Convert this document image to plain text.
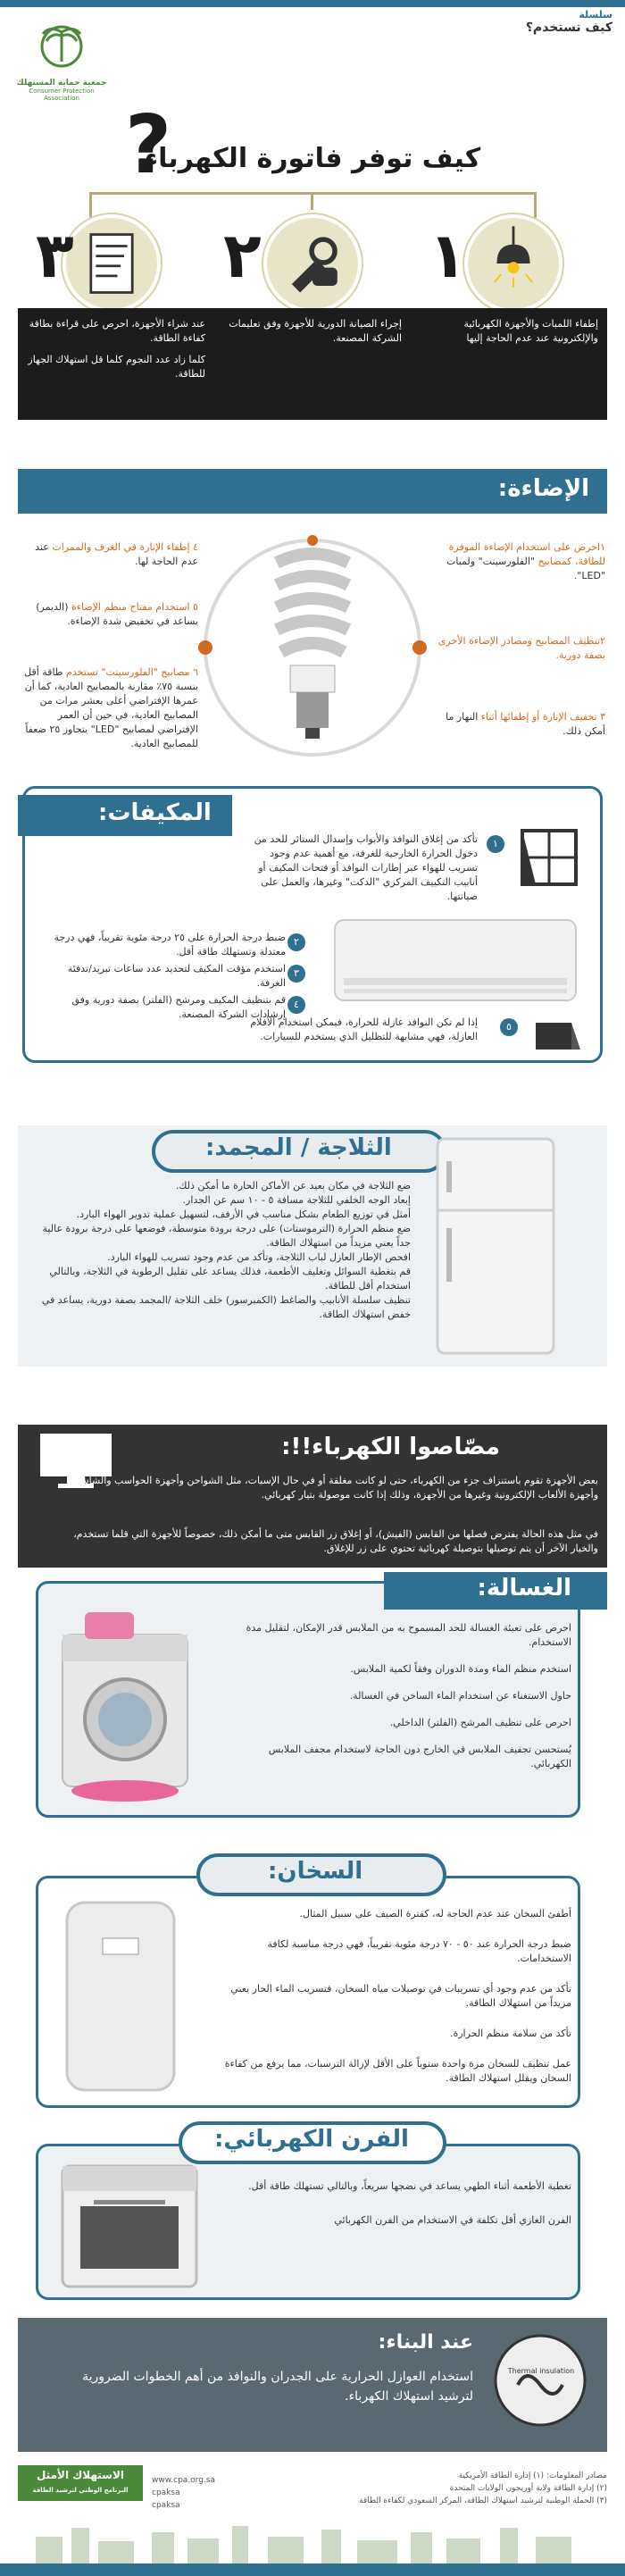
سلسلة
كيف تستخدم؟
جمعية حماية المستهلك
Consumer Protection Association ?
كيف توفر فاتورة الكهرباء
١
٢
٣
إطفاء اللمبات والأجهزة الكهربائية والإلكترونية عند عدم الحاجة إليها
إجراء الصيانة الدورية للأجهزة وفق تعليمات الشركة المصنعة.
عند شراء الأجهزة، احرص على قراءة بطاقة كفاءة الطاقة.
كلما زاد عدد النجوم كلما قل استهلاك الجهاز للطاقة.
الإضاءة:
١احرص على استخدام الإضاءة الموفرة للطاقة، كمصابيح "الفلورسينت" ولمبات "LED".
٢تنظيف المصابيح ومصادر الإضاءة الأخرى بصفة دورية.
٣ تخفيف الإنارة أو إطفائها أثناء النهار ما أمكن ذلك.
٤ إطفاء الإنارة في الغرف والممرات عند عدم الحاجة لها.
٥ استخدام مفتاح منظم الإضاءة (الديمر) يساعد في تخفيض شدة الإضاءة.
٦ مصابيح "الفلورسينت" تستخدم طاقة أقل بنسبة ٧٥٪ مقارنة بالمصابيح العادية، كما أن عمرها الإفتراضي أعلى بعشر مرات من المصابيح العادية، في حين أن العمر الإفتراضي لمصابيح "LED" يتجاوز ٢٥ ضعفاً للمصابيح العادية.
المكيفات:
١
تأكد من إغلاق النوافذ والأبواب وإسدال الستائر للحد من دخول الحرارة الخارجية للغرفة، مع أهمية عدم وجود تسريب للهواء عبر إطارات النوافذ أو فتحات المكيف أو أنابيب التكييف المركزي "الدكت" وغيرها، والعمل على صيانتها.
٢
ضبط درجة الحرارة على ٢٥ درجة مئوية تقريباً، فهي درجة معتدلة وتستهلك طاقة أقل.
٣
استخدم مؤقت المكيف لتحديد عدد ساعات تبريد/تدفئة الغرفة.
٤
قم بتنظيف المكيف ومرشح (الفلتر) بصفة دورية وفق إرشادات الشركة المصنعة.
٥
إذا لم تكن النوافذ عازلة للحرارة، فيمكن استخدام الأفلام العازلة، فهي مشابهة للتظليل الذي يستخدم للسيارات.
الثلاجة / المجمد:
ضع الثلاجة في مكان بعيد عن الأماكن الحارة ما أمكن ذلك.
إبعاد الوجه الخلفي للثلاجة مسافة ٥ - ١٠ سم عن الجدار.
أمثل في توزيع الطعام بشكل مناسب في الأرفف، لتسهيل عملية تدوير الهواء البارد.
ضع منظم الحرارة (الترموستات) على درجة برودة متوسطة، فوضعها على درجة برودة عالية جداً يعني مزيداً من استهلاك الطاقة.
افحص الإطار العازل لباب الثلاجة، وتأكد من عدم وجود تسريب للهواء البارد.
قم بتغطية السوائل وتغليف الأطعمة، فذلك يساعد على تقليل الرطوبة في الثلاجة، وبالتالي استخدام أقل للطاقة.
تنظيف سلسلة الأنابيب والضاغط (الكمبرسور) خلف الثلاجة /المجمد بصفة دورية، يساعد في خفض استهلاك الطاقة.
مصّاصوا الكهرباء!!:
بعض الأجهزة تقوم باستنزاف جزء من الكهرباء، حتى لو كانت مغلقة أو في حال الإسبات، مثل الشواحن وأجهزة الحواسب والشاشات وأجهزة الألعاب الإلكترونية وغيرها من الأجهزة، وذلك إذا كانت موصولة بتيار كهربائي.
في مثل هذه الحالة يفترض فصلها من القابس (الفيش)، أو إغلاق زر القابس متى ما أمكن ذلك، خصوصاً للأجهزة التي قلما تستخدم، والخيار الآخر أن يتم توصيلها بتوصيلة كهربائية تحتوي على زر للإغلاق.
الغسالة:
احرص على تعبئة الغسالة للحد المسموح به من الملابس قدر الإمكان، لتقليل مدة الاستخدام.
استخدم منظم الماء ومدة الدوران وفقاً لكمية الملابس.
حاول الاستغناء عن استخدام الماء الساخن في الغسالة.
احرص على تنظيف المرشح (الفلتر) الداخلي.
يُستحسن تجفيف الملابس في الخارج دون الحاجة لاستخدام مجفف الملابس الكهربائي.
السخان:
أطفئ السخان عند عدم الحاجة له، كفترة الصيف على سبيل المثال.
ضبط درجة الحرارة عند ٥٠ - ٧٠ درجة مئوية تقريباً، فهي درجة مناسبة لكافة الاستخدامات.
تأكد من عدم وجود أي تسريبات في توصيلات مياه السخان، فتسريب الماء الحار يعني مزيداً من استهلاك الطاقة.
تأكد من سلامة منظم الحرارة.
عمل تنظيف للسخان مرة واحدة سنوياً على الأقل لإزالة الترسبات، مما يرفع من كفاءة السخان ويقلل استهلاك الطاقة.
الفرن الكهربائي:
تغطية الأطعمة أثناء الطهي يساعد في نضجها سريعاً، وبالتالي تستهلك طاقة أقل.
الفرن الغازي أقل تكلفة في الاستخدام من الفرن الكهربائي
عند البناء:
استخدام العوازل الحرارية على الجدران والنوافذ من أهم الخطوات الضرورية لترشيد استهلاك الكهرباء.
Thermal insulation
مصادر المعلومات: (١) إدارة الطاقة الأمريكية
(٢) إدارة الطاقة ولاية أوريجون الولايات المتحدة
(٣) الحملة الوطنية لترشيد استهلاك الطاقة، المركز السعودي لكفاءة الطاقة
www.cpa.org.sa
cpaksa
cpaksa
الاستهلاك الأمثل
البرنامج الوطني لترشيد الطاقة
